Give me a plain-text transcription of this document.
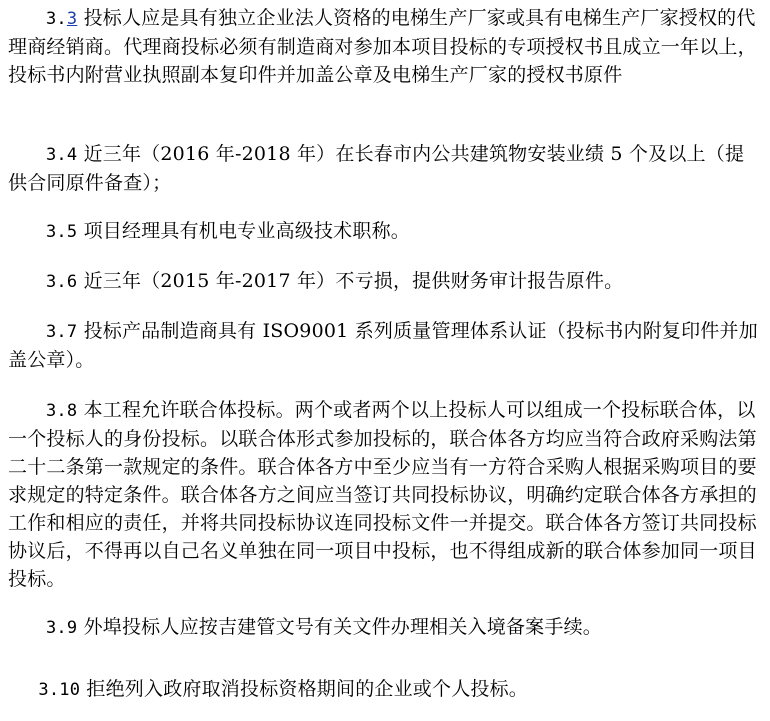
3.3 投标人应是具有独立企业法人资格的电梯生产厂家或具有电梯生产厂家授权的代理商经销商。代理商投标必须有制造商对参加本项目投标的专项授权书且成立一年以上，投标书内附营业执照副本复印件并加盖公章及电梯生产厂家的授权书原件
3.4 近三年（2016 年-2018 年）在长春市内公共建筑物安装业绩 5 个及以上（提供合同原件备查）；
3.5 项目经理具有机电专业高级技术职称。
3.6 近三年（2015 年-2017 年）不亏损，提供财务审计报告原件。
3.7 投标产品制造商具有 ISO9001 系列质量管理体系认证（投标书内附复印件并加盖公章）。
3.8 本工程允许联合体投标。两个或者两个以上投标人可以组成一个投标联合体，以一个投标人的身份投标。以联合体形式参加投标的，联合体各方均应当符合政府采购法第二十二条第一款规定的条件。联合体各方中至少应当有一方符合采购人根据采购项目的要求规定的特定条件。联合体各方之间应当签订共同投标协议，明确约定联合体各方承担的工作和相应的责任，并将共同投标协议连同投标文件一并提交。联合体各方签订共同投标协议后，不得再以自己名义单独在同一项目中投标，也不得组成新的联合体参加同一项目投标。
3.9 外埠投标人应按吉建管文号有关文件办理相关入境备案手续。
3.10 拒绝列入政府取消投标资格期间的企业或个人投标。
